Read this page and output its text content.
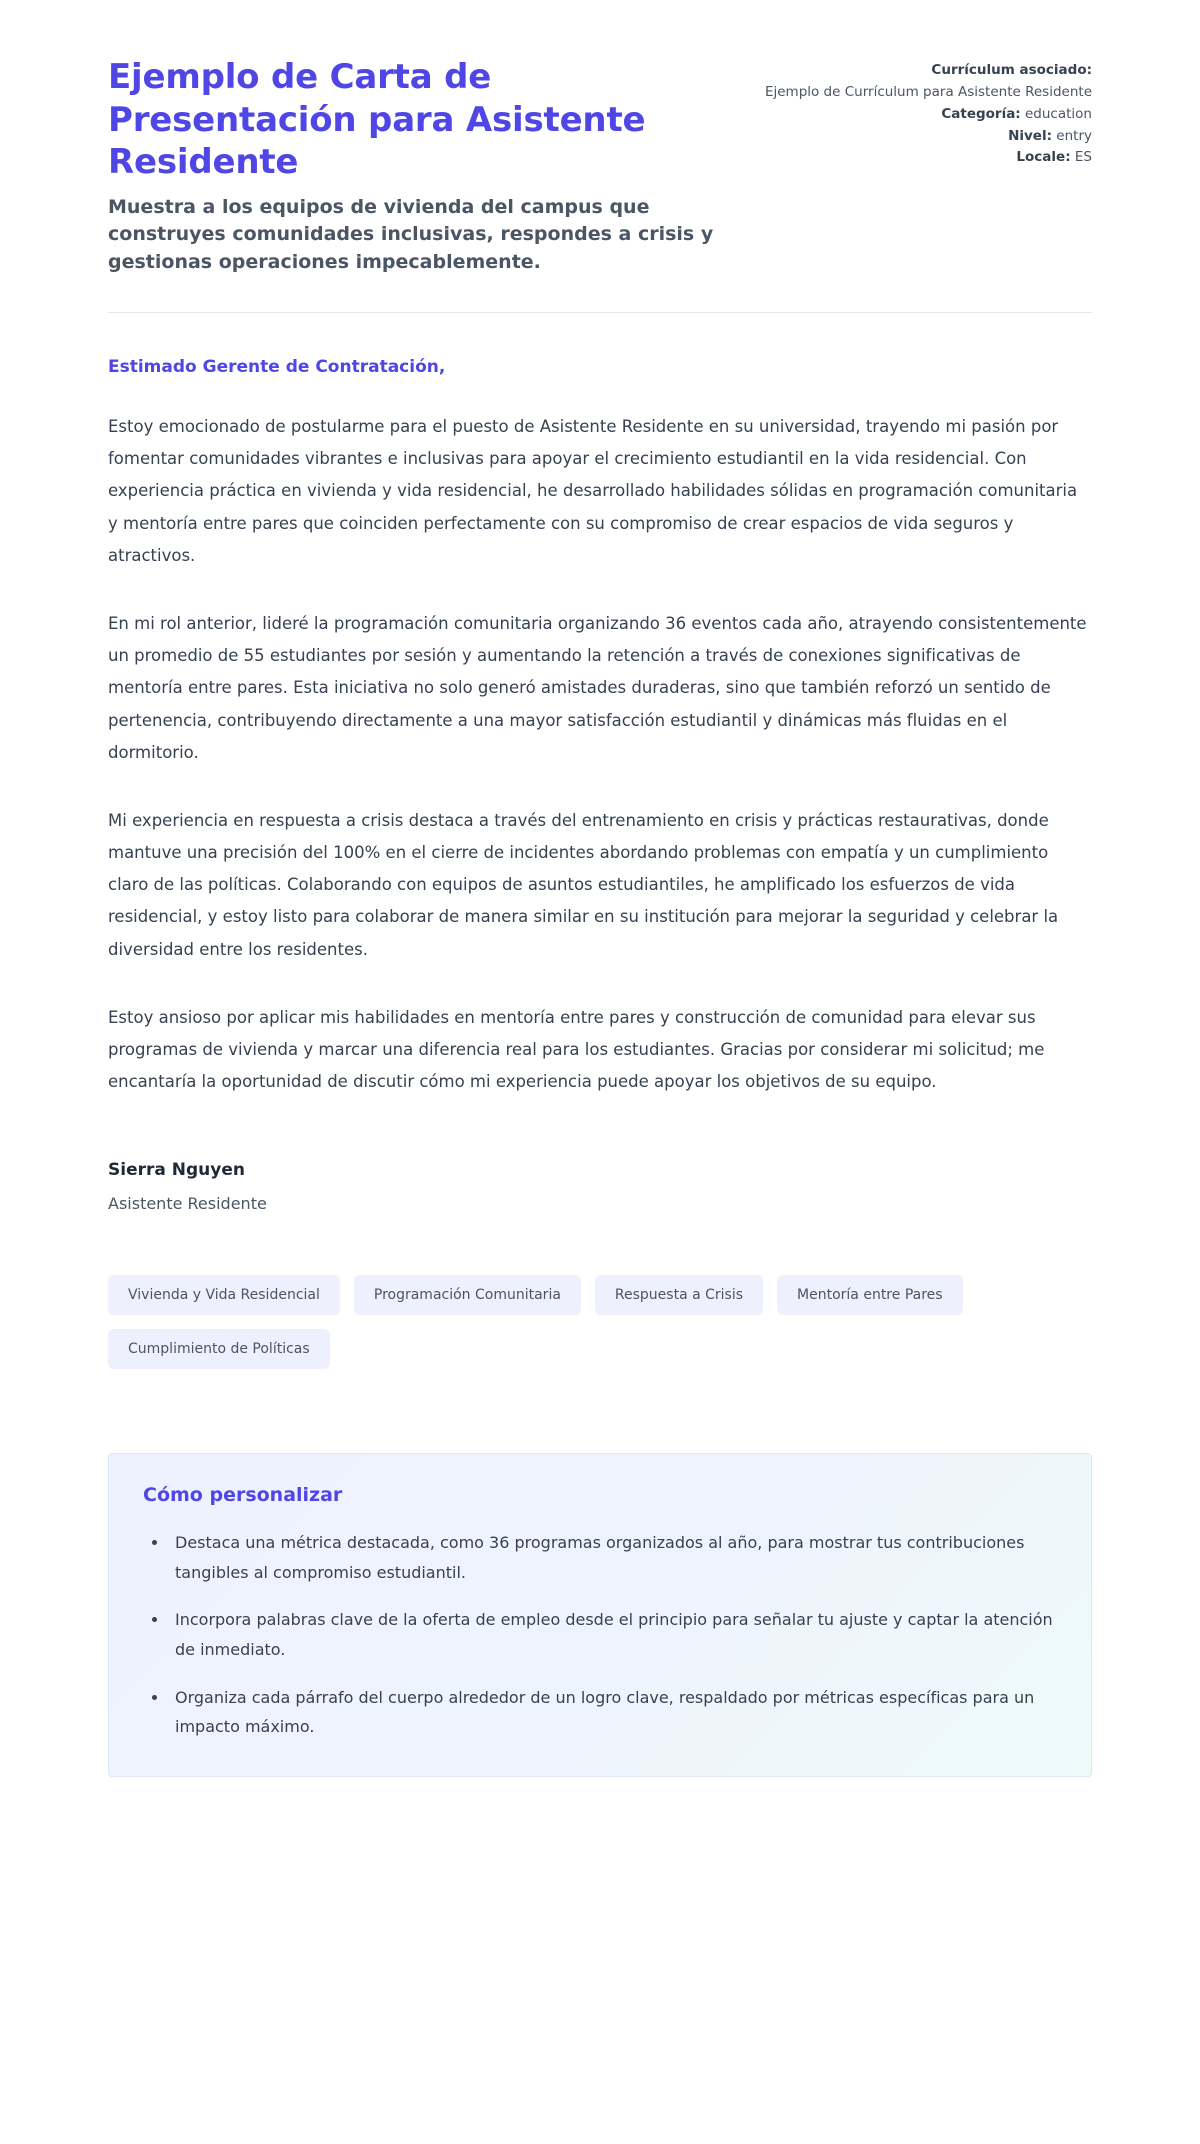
Ejemplo de Carta de Presentación para Asistente Residente

Muestra a los equipos de vivienda del campus que construyes comunidades inclusivas, respondes a crisis y gestionas operaciones impecablemente.

Currículum asociado:
Ejemplo de Currículum para Asistente Residente
Categoría: education
Nivel: entry
Locale: ES

Estimado Gerente de Contratación,

Estoy emocionado de postularme para el puesto de Asistente Residente en su universidad, trayendo mi pasión por fomentar comunidades vibrantes e inclusivas para apoyar el crecimiento estudiantil en la vida residencial. Con experiencia práctica en vivienda y vida residencial, he desarrollado habilidades sólidas en programación comunitaria y mentoría entre pares que coinciden perfectamente con su compromiso de crear espacios de vida seguros y atractivos.

En mi rol anterior, lideré la programación comunitaria organizando 36 eventos cada año, atrayendo consistentemente un promedio de 55 estudiantes por sesión y aumentando la retención a través de conexiones significativas de mentoría entre pares. Esta iniciativa no solo generó amistades duraderas, sino que también reforzó un sentido de pertenencia, contribuyendo directamente a una mayor satisfacción estudiantil y dinámicas más fluidas en el dormitorio.

Mi experiencia en respuesta a crisis destaca a través del entrenamiento en crisis y prácticas restaurativas, donde mantuve una precisión del 100% en el cierre de incidentes abordando problemas con empatía y un cumplimiento claro de las políticas. Colaborando con equipos de asuntos estudiantiles, he amplificado los esfuerzos de vida residencial, y estoy listo para colaborar de manera similar en su institución para mejorar la seguridad y celebrar la diversidad entre los residentes.

Estoy ansioso por aplicar mis habilidades en mentoría entre pares y construcción de comunidad para elevar sus programas de vivienda y marcar una diferencia real para los estudiantes. Gracias por considerar mi solicitud; me encantaría la oportunidad de discutir cómo mi experiencia puede apoyar los objetivos de su equipo.

Sierra Nguyen

Asistente Residente

Vivienda y Vida Residencial	Programación Comunitaria	Respuesta a Crisis	Mentoría entre Pares
Cumplimiento de Políticas
Cómo personalizar
• Destaca una métrica destacada, como 36 programas organizados al año, para mostrar tus contribuciones tangibles al compromiso estudiantil.
• Incorpora palabras clave de la oferta de empleo desde el principio para señalar tu ajuste y captar la atención de inmediato.
• Organiza cada párrafo del cuerpo alrededor de un logro clave, respaldado por métricas específicas para un impacto máximo.
